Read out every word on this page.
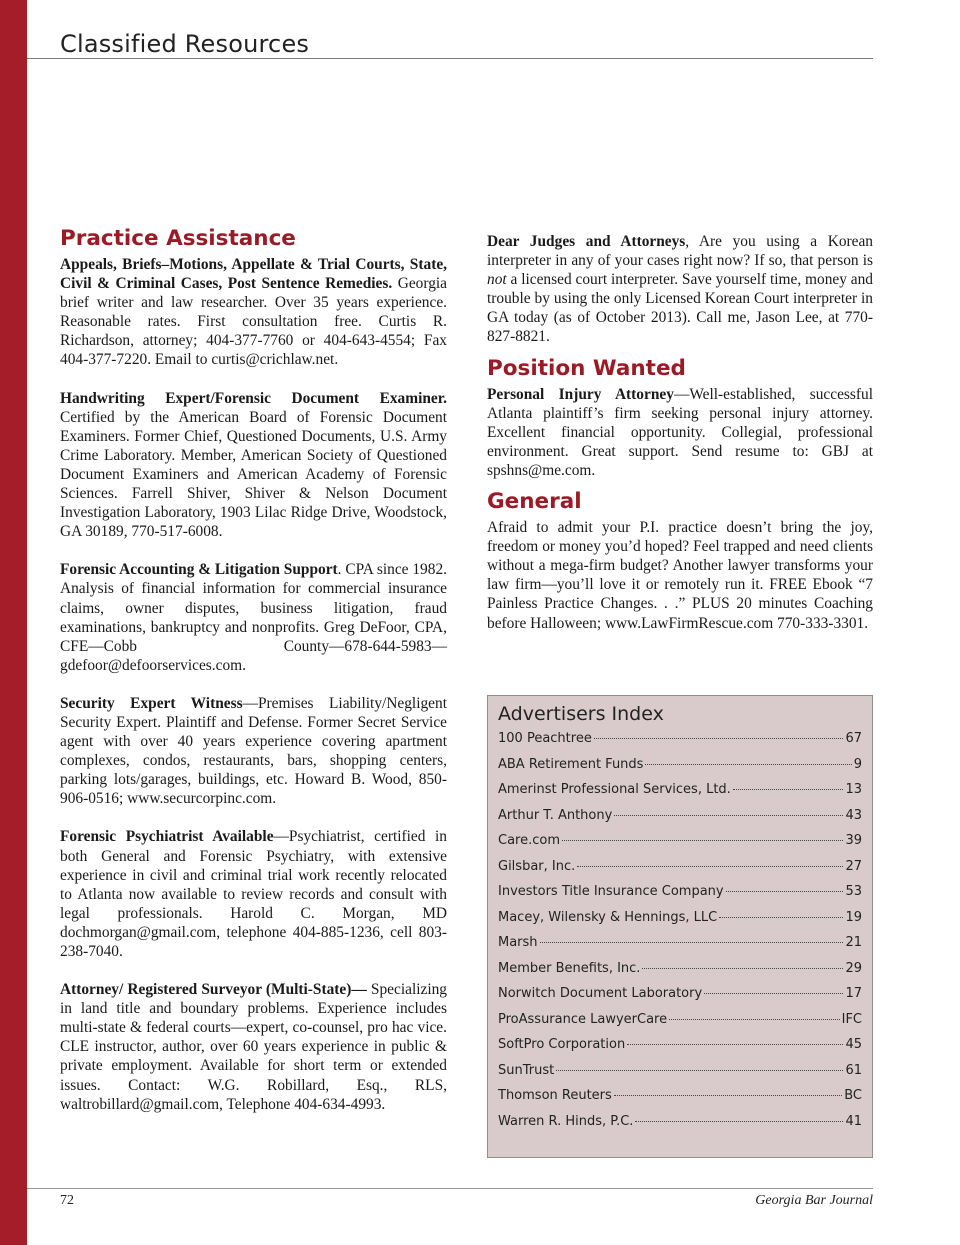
Classified Resources
Practice Assistance

Appeals, Briefs–Motions, Appellate & Trial Courts, State, Civil & Criminal Cases, Post Sentence Remedies. Georgia brief writer and law researcher. Over 35 years experience. Reasonable rates. First consultation free. Curtis R. Richardson, attorney; 404-377-7760 or 404-643-4554; Fax 404-377-7220. Email to curtis@crichlaw.net.

Handwriting Expert/Forensic Document Examiner. Certified by the American Board of Forensic Document Examiners. Former Chief, Questioned Documents, U.S. Army Crime Laboratory. Member, American Society of Questioned Document Examiners and American Academy of Forensic Sciences. Farrell Shiver, Shiver & Nelson Document Investigation Laboratory, 1903 Lilac Ridge Drive, Woodstock, GA 30189, 770-517-6008.

Forensic Accounting & Litigation Support. CPA since 1982. Analysis of financial information for commercial insurance claims, owner disputes, business litigation, fraud examinations, bankruptcy and nonprofits. Greg DeFoor, CPA, CFE—Cobb County—678-644-5983—gdefoor@defoorservices.com.

Security Expert Witness—Premises Liability/Negligent Security Expert. Plaintiff and Defense. Former Secret Service agent with over 40 years experience covering apartment complexes, condos, restaurants, bars, shopping centers, parking lots/garages, buildings, etc. Howard B. Wood, 850-906-0516; www.securcorpinc.com.

Forensic Psychiatrist Available—Psychiatrist, certified in both General and Forensic Psychiatry, with extensive experience in civil and criminal trial work recently relocated to Atlanta now available to review records and consult with legal professionals. Harold C. Morgan, MD dochmorgan@gmail.com, telephone 404-885-1236, cell 803-238-7040.

Attorney/ Registered Surveyor (Multi-State)— Specializing in land title and boundary problems. Experience includes multi-state & federal courts—expert, co-counsel, pro hac vice. CLE instructor, author, over 60 years experience in public & private employment. Available for short term or extended issues. Contact: W.G. Robillard, Esq., RLS, waltrobillard@gmail.com, Telephone 404-634-4993.

Dear Judges and Attorneys, Are you using a Korean interpreter in any of your cases right now? If so, that person is not a licensed court interpreter. Save yourself time, money and trouble by using the only Licensed Korean Court interpreter in GA today (as of October 2013). Call me, Jason Lee, at 770-827-8821.

Position Wanted

Personal Injury Attorney—Well-established, successful Atlanta plaintiff’s firm seeking personal injury attorney. Excellent financial opportunity. Collegial, professional environment. Great support. Send resume to: GBJ at spshns@me.com.

General

Afraid to admit your P.I. practice doesn’t bring the joy, freedom or money you’d hoped? Feel trapped and need clients without a mega-firm budget? Another lawyer transforms your law firm—you’ll love it or remotely run it. FREE Ebook “7 Painless Practice Changes. . .” PLUS 20 minutes Coaching before Halloween; www.LawFirmRescue.com 770-333-3301.

Advertisers Index
100 Peachtree	67
ABA Retirement Funds	9
Amerinst Professional Services, Ltd.	13
Arthur T. Anthony	43
Care.com	39
Gilsbar, Inc.	27
Investors Title Insurance Company	53
Macey, Wilensky & Hennings, LLC	19
Marsh	21
Member Benefits, Inc.	29
Norwitch Document Laboratory	17
ProAssurance LawyerCare	IFC
SoftPro Corporation	45
SunTrust	61
Thomson Reuters	BC
Warren R. Hinds, P.C.	41
72	Georgia Bar Journal
